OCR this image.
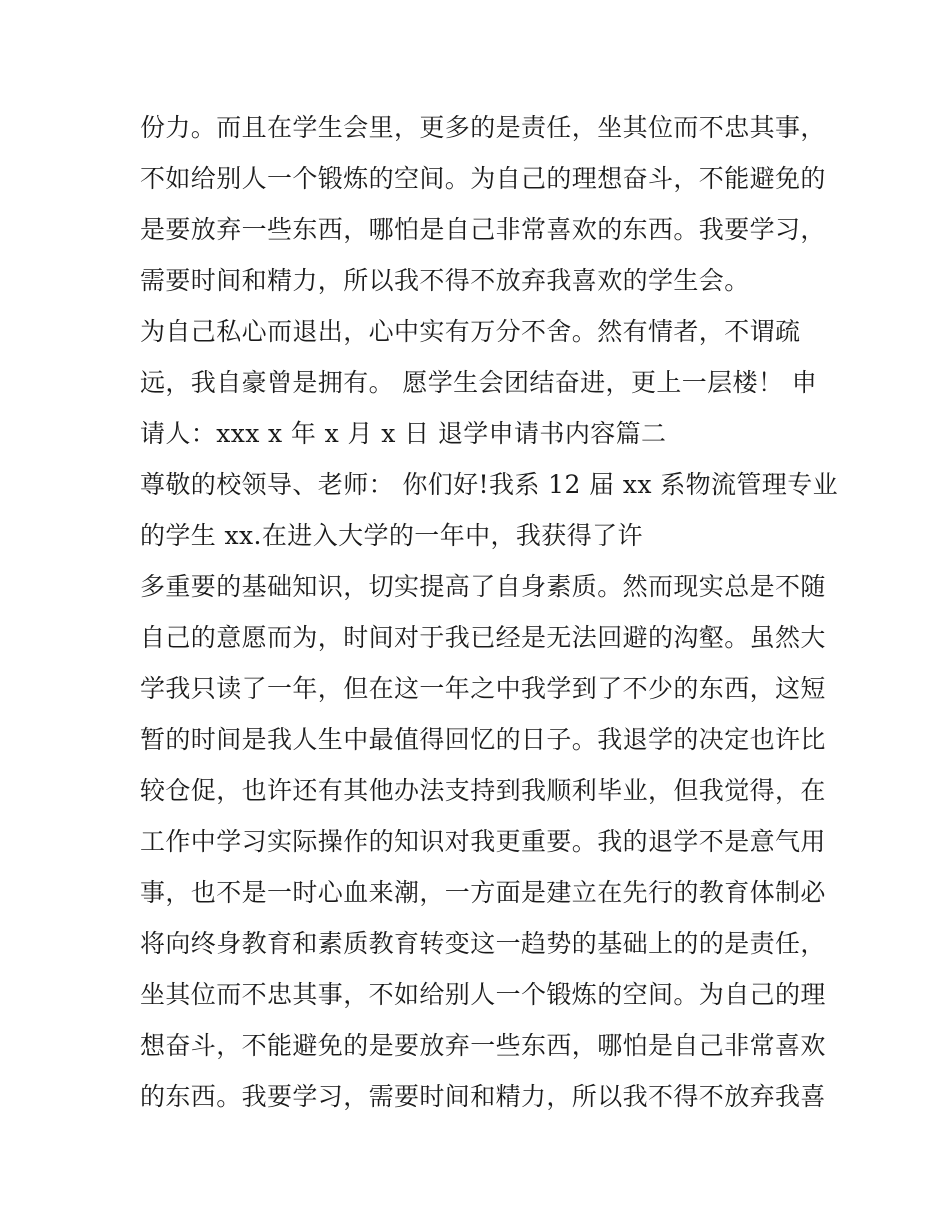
份力。而且在学生会里，更多的是责任，坐其位而不忠其事，
不如给别人一个锻炼的空间。为自己的理想奋斗，不能避免的
是要放弃一些东西，哪怕是自己非常喜欢的东西。我要学习，
需要时间和精力，所以我不得不放弃我喜欢的学生会。
为自己私心而退出，心中实有万分不舍。然有情者，不谓疏
远，我自豪曾是拥有。 愿学生会团结奋进，更上一层楼！ 申
请人：xxx x 年 x 月 x 日 退学申请书内容篇二
尊敬的校领导、老师： 你们好!我系 12 届 xx 系物流管理专业
的学生 xx.在进入大学的一年中，我获得了许
多重要的基础知识，切实提高了自身素质。然而现实总是不随
自己的意愿而为，时间对于我已经是无法回避的沟壑。虽然大
学我只读了一年，但在这一年之中我学到了不少的东西，这短
暂的时间是我人生中最值得回忆的日子。我退学的决定也许比
较仓促，也许还有其他办法支持到我顺利毕业，但我觉得，在
工作中学习实际操作的知识对我更重要。我的退学不是意气用
事，也不是一时心血来潮，一方面是建立在先行的教育体制必
将向终身教育和素质教育转变这一趋势的基础上的的是责任，
坐其位而不忠其事，不如给别人一个锻炼的空间。为自己的理
想奋斗，不能避免的是要放弃一些东西，哪怕是自己非常喜欢
的东西。我要学习，需要时间和精力，所以我不得不放弃我喜
